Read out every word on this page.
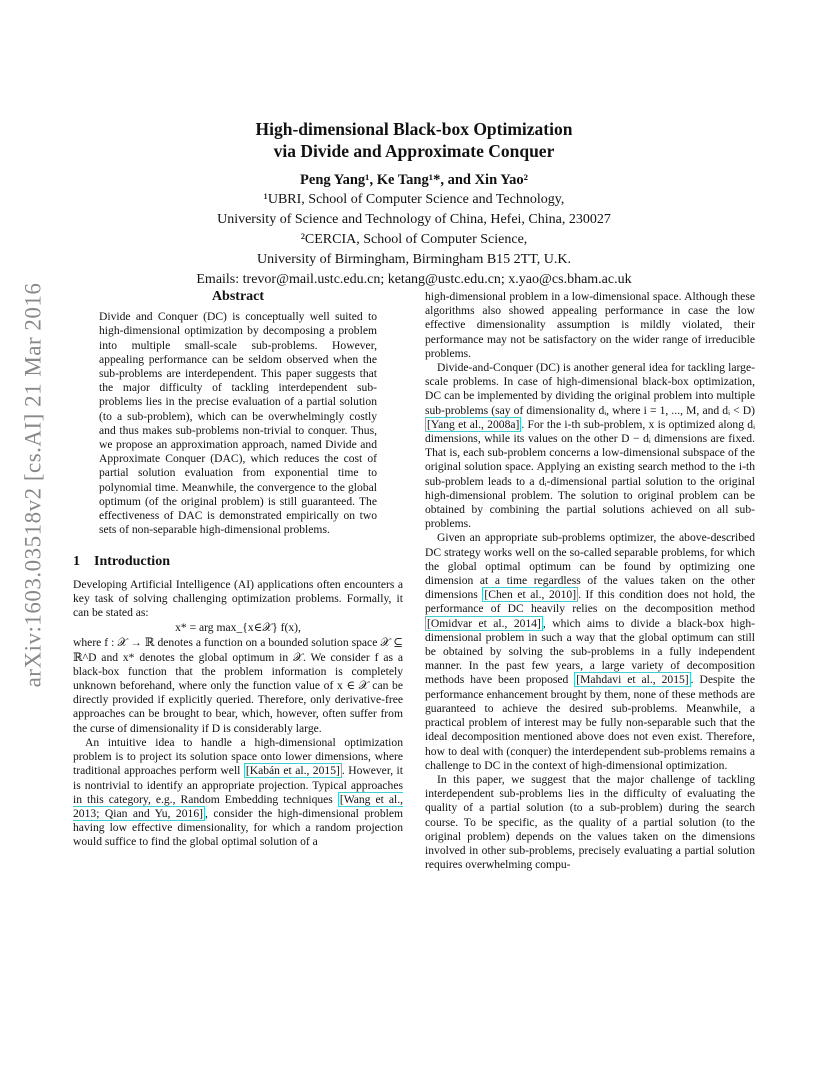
arXiv:1603.03518v2 [cs.AI] 21 Mar 2016
High-dimensional Black-box Optimization
via Divide and Approximate Conquer
Peng Yang¹, Ke Tang¹*, and Xin Yao²
¹UBRI, School of Computer Science and Technology,
University of Science and Technology of China, Hefei, China, 230027
²CERCIA, School of Computer Science,
University of Birmingham, Birmingham B15 2TT, U.K.
Emails: trevor@mail.ustc.edu.cn; ketang@ustc.edu.cn; x.yao@cs.bham.ac.uk
Abstract

Divide and Conquer (DC) is conceptually well suited to high-dimensional optimization by decomposing a problem into multiple small-scale sub-problems. However, appealing performance can be seldom observed when the sub-problems are interdependent. This paper suggests that the major difficulty of tackling interdependent sub-problems lies in the precise evaluation of a partial solution (to a sub-problem), which can be overwhelmingly costly and thus makes sub-problems non-trivial to conquer. Thus, we propose an approximation approach, named Divide and Approximate Conquer (DAC), which reduces the cost of partial solution evaluation from exponential time to polynomial time. Meanwhile, the convergence to the global optimum (of the original problem) is still guaranteed. The effectiveness of DAC is demonstrated empirically on two sets of non-separable high-dimensional problems.

1 Introduction

Developing Artificial Intelligence (AI) applications often encounters a key task of solving challenging optimization problems. Formally, it can be stated as:

x* = arg max_{x∈𝒳} f(x),

where f : 𝒳 → ℝ denotes a function on a bounded solution space 𝒳 ⊆ ℝ^D and x* denotes the global optimum in 𝒳. We consider f as a black-box function that the problem information is completely unknown beforehand, where only the function value of x ∈ 𝒳 can be directly provided if explicitly queried. Therefore, only derivative-free approaches can be brought to bear, which, however, often suffer from the curse of dimensionality if D is considerably large.

An intuitive idea to handle a high-dimensional optimization problem is to project its solution space onto lower dimensions, where traditional approaches perform well [Kabán et al., 2015] . However, it is nontrivial to identify an appropriate projection. Typical approaches in this category, e.g., Random Embedding techniques [Wang et al., 2013; Qian and Yu, 2016] , consider the high-dimensional problem having low effective dimensionality, for which a random projection would suffice to find the global optimal solution of a

high-dimensional problem in a low-dimensional space. Although these algorithms also showed appealing performance in case the low effective dimensionality assumption is mildly violated, their performance may not be satisfactory on the wider range of irreducible problems.

Divide-and-Conquer (DC) is another general idea for tackling large-scale problems. In case of high-dimensional black-box optimization, DC can be implemented by dividing the original problem into multiple sub-problems (say of dimensionality dᵢ, where i = 1, ..., M, and dᵢ < D) [Yang et al., 2008a] . For the i-th sub-problem, x is optimized along dᵢ dimensions, while its values on the other D − dᵢ dimensions are fixed. That is, each sub-problem concerns a low-dimensional subspace of the original solution space. Applying an existing search method to the i-th sub-problem leads to a dᵢ-dimensional partial solution to the original high-dimensional problem. The solution to original problem can be obtained by combining the partial solutions achieved on all sub-problems.

Given an appropriate sub-problems optimizer, the above-described DC strategy works well on the so-called separable problems, for which the global optimal optimum can be found by optimizing one dimension at a time regardless of the values taken on the other dimensions [Chen et al., 2010] . If this condition does not hold, the performance of DC heavily relies on the decomposition method [Omidvar et al., 2014] , which aims to divide a black-box high-dimensional problem in such a way that the global optimum can still be obtained by solving the sub-problems in a fully independent manner. In the past few years, a large variety of decomposition methods have been proposed [Mahdavi et al., 2015] . Despite the performance enhancement brought by them, none of these methods are guaranteed to achieve the desired sub-problems. Meanwhile, a practical problem of interest may be fully non-separable such that the ideal decomposition mentioned above does not even exist. Therefore, how to deal with (conquer) the interdependent sub-problems remains a challenge to DC in the context of high-dimensional optimization.

In this paper, we suggest that the major challenge of tackling interdependent sub-problems lies in the difficulty of evaluating the quality of a partial solution (to a sub-problem) during the search course. To be specific, as the quality of a partial solution (to the original problem) depends on the values taken on the dimensions involved in other sub-problems, precisely evaluating a partial solution requires overwhelming compu-
